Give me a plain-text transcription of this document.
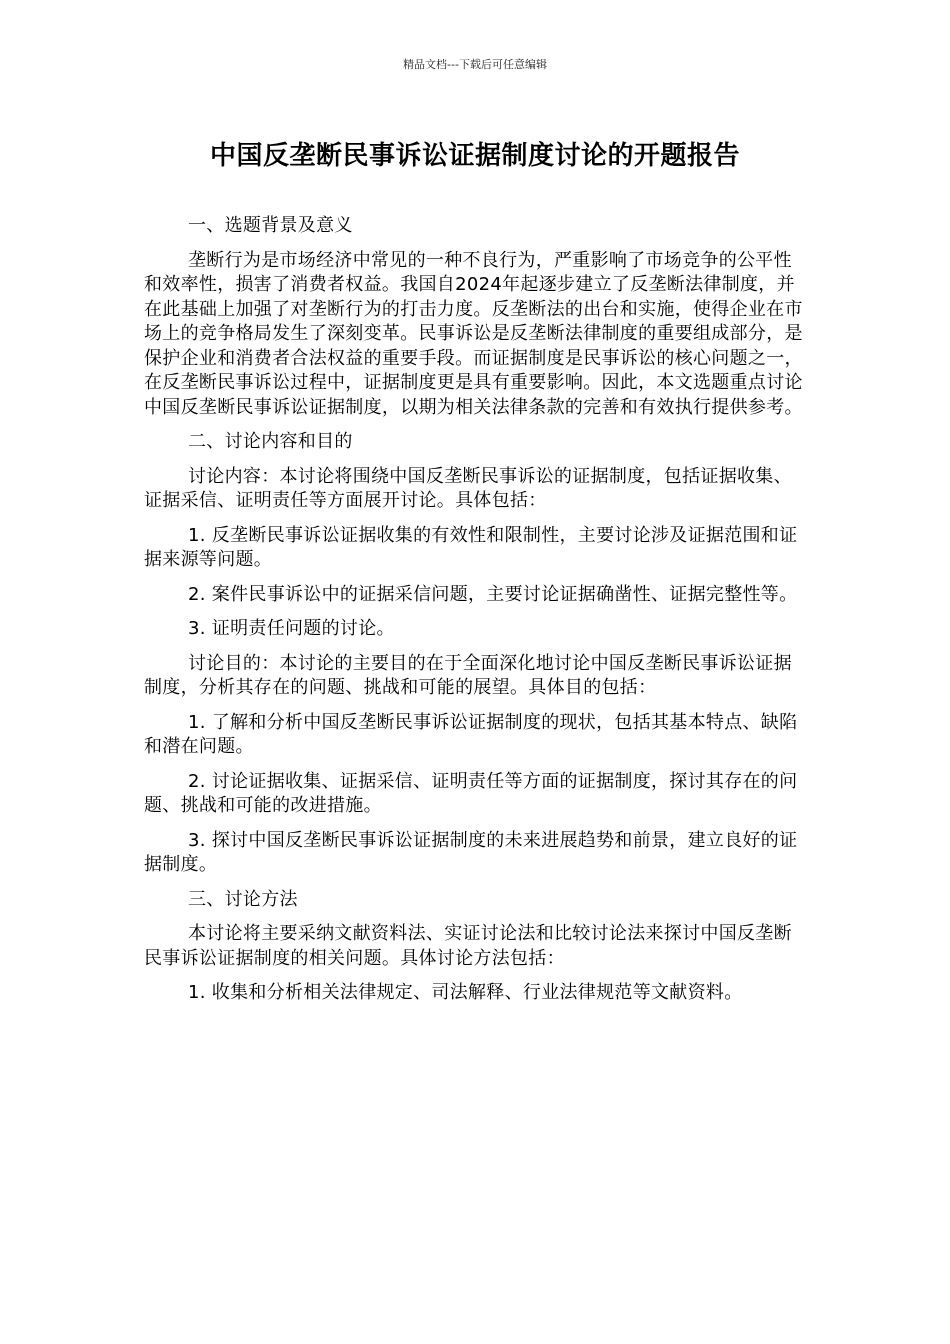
精品文档---下载后可任意编辑
中国反垄断民事诉讼证据制度讨论的开题报告

一、选题背景及意义

垄断行为是市场经济中常见的一种不良行为，严重影响了市场竞争的公平性和效率性，损害了消费者权益。我国自2024年起逐步建立了反垄断法律制度，并在此基础上加强了对垄断行为的打击力度。反垄断法的出台和实施，使得企业在市场上的竞争格局发生了深刻变革。民事诉讼是反垄断法律制度的重要组成部分，是保护企业和消费者合法权益的重要手段。而证据制度是民事诉讼的核心问题之一，在反垄断民事诉讼过程中，证据制度更是具有重要影响。因此，本文选题重点讨论中国反垄断民事诉讼证据制度，以期为相关法律条款的完善和有效执行提供参考。

二、讨论内容和目的

讨论内容：本讨论将围绕中国反垄断民事诉讼的证据制度，包括证据收集、证据采信、证明责任等方面展开讨论。具体包括：

1. 反垄断民事诉讼证据收集的有效性和限制性，主要讨论涉及证据范围和证据来源等问题。

2. 案件民事诉讼中的证据采信问题，主要讨论证据确凿性、证据完整性等。

3. 证明责任问题的讨论。

讨论目的：本讨论的主要目的在于全面深化地讨论中国反垄断民事诉讼证据制度，分析其存在的问题、挑战和可能的展望。具体目的包括：

1. 了解和分析中国反垄断民事诉讼证据制度的现状，包括其基本特点、缺陷和潜在问题。

2. 讨论证据收集、证据采信、证明责任等方面的证据制度，探讨其存在的问题、挑战和可能的改进措施。

3. 探讨中国反垄断民事诉讼证据制度的未来进展趋势和前景，建立良好的证据制度。

三、讨论方法

本讨论将主要采纳文献资料法、实证讨论法和比较讨论法来探讨中国反垄断民事诉讼证据制度的相关问题。具体讨论方法包括：

1. 收集和分析相关法律规定、司法解释、行业法律规范等文献资料。
